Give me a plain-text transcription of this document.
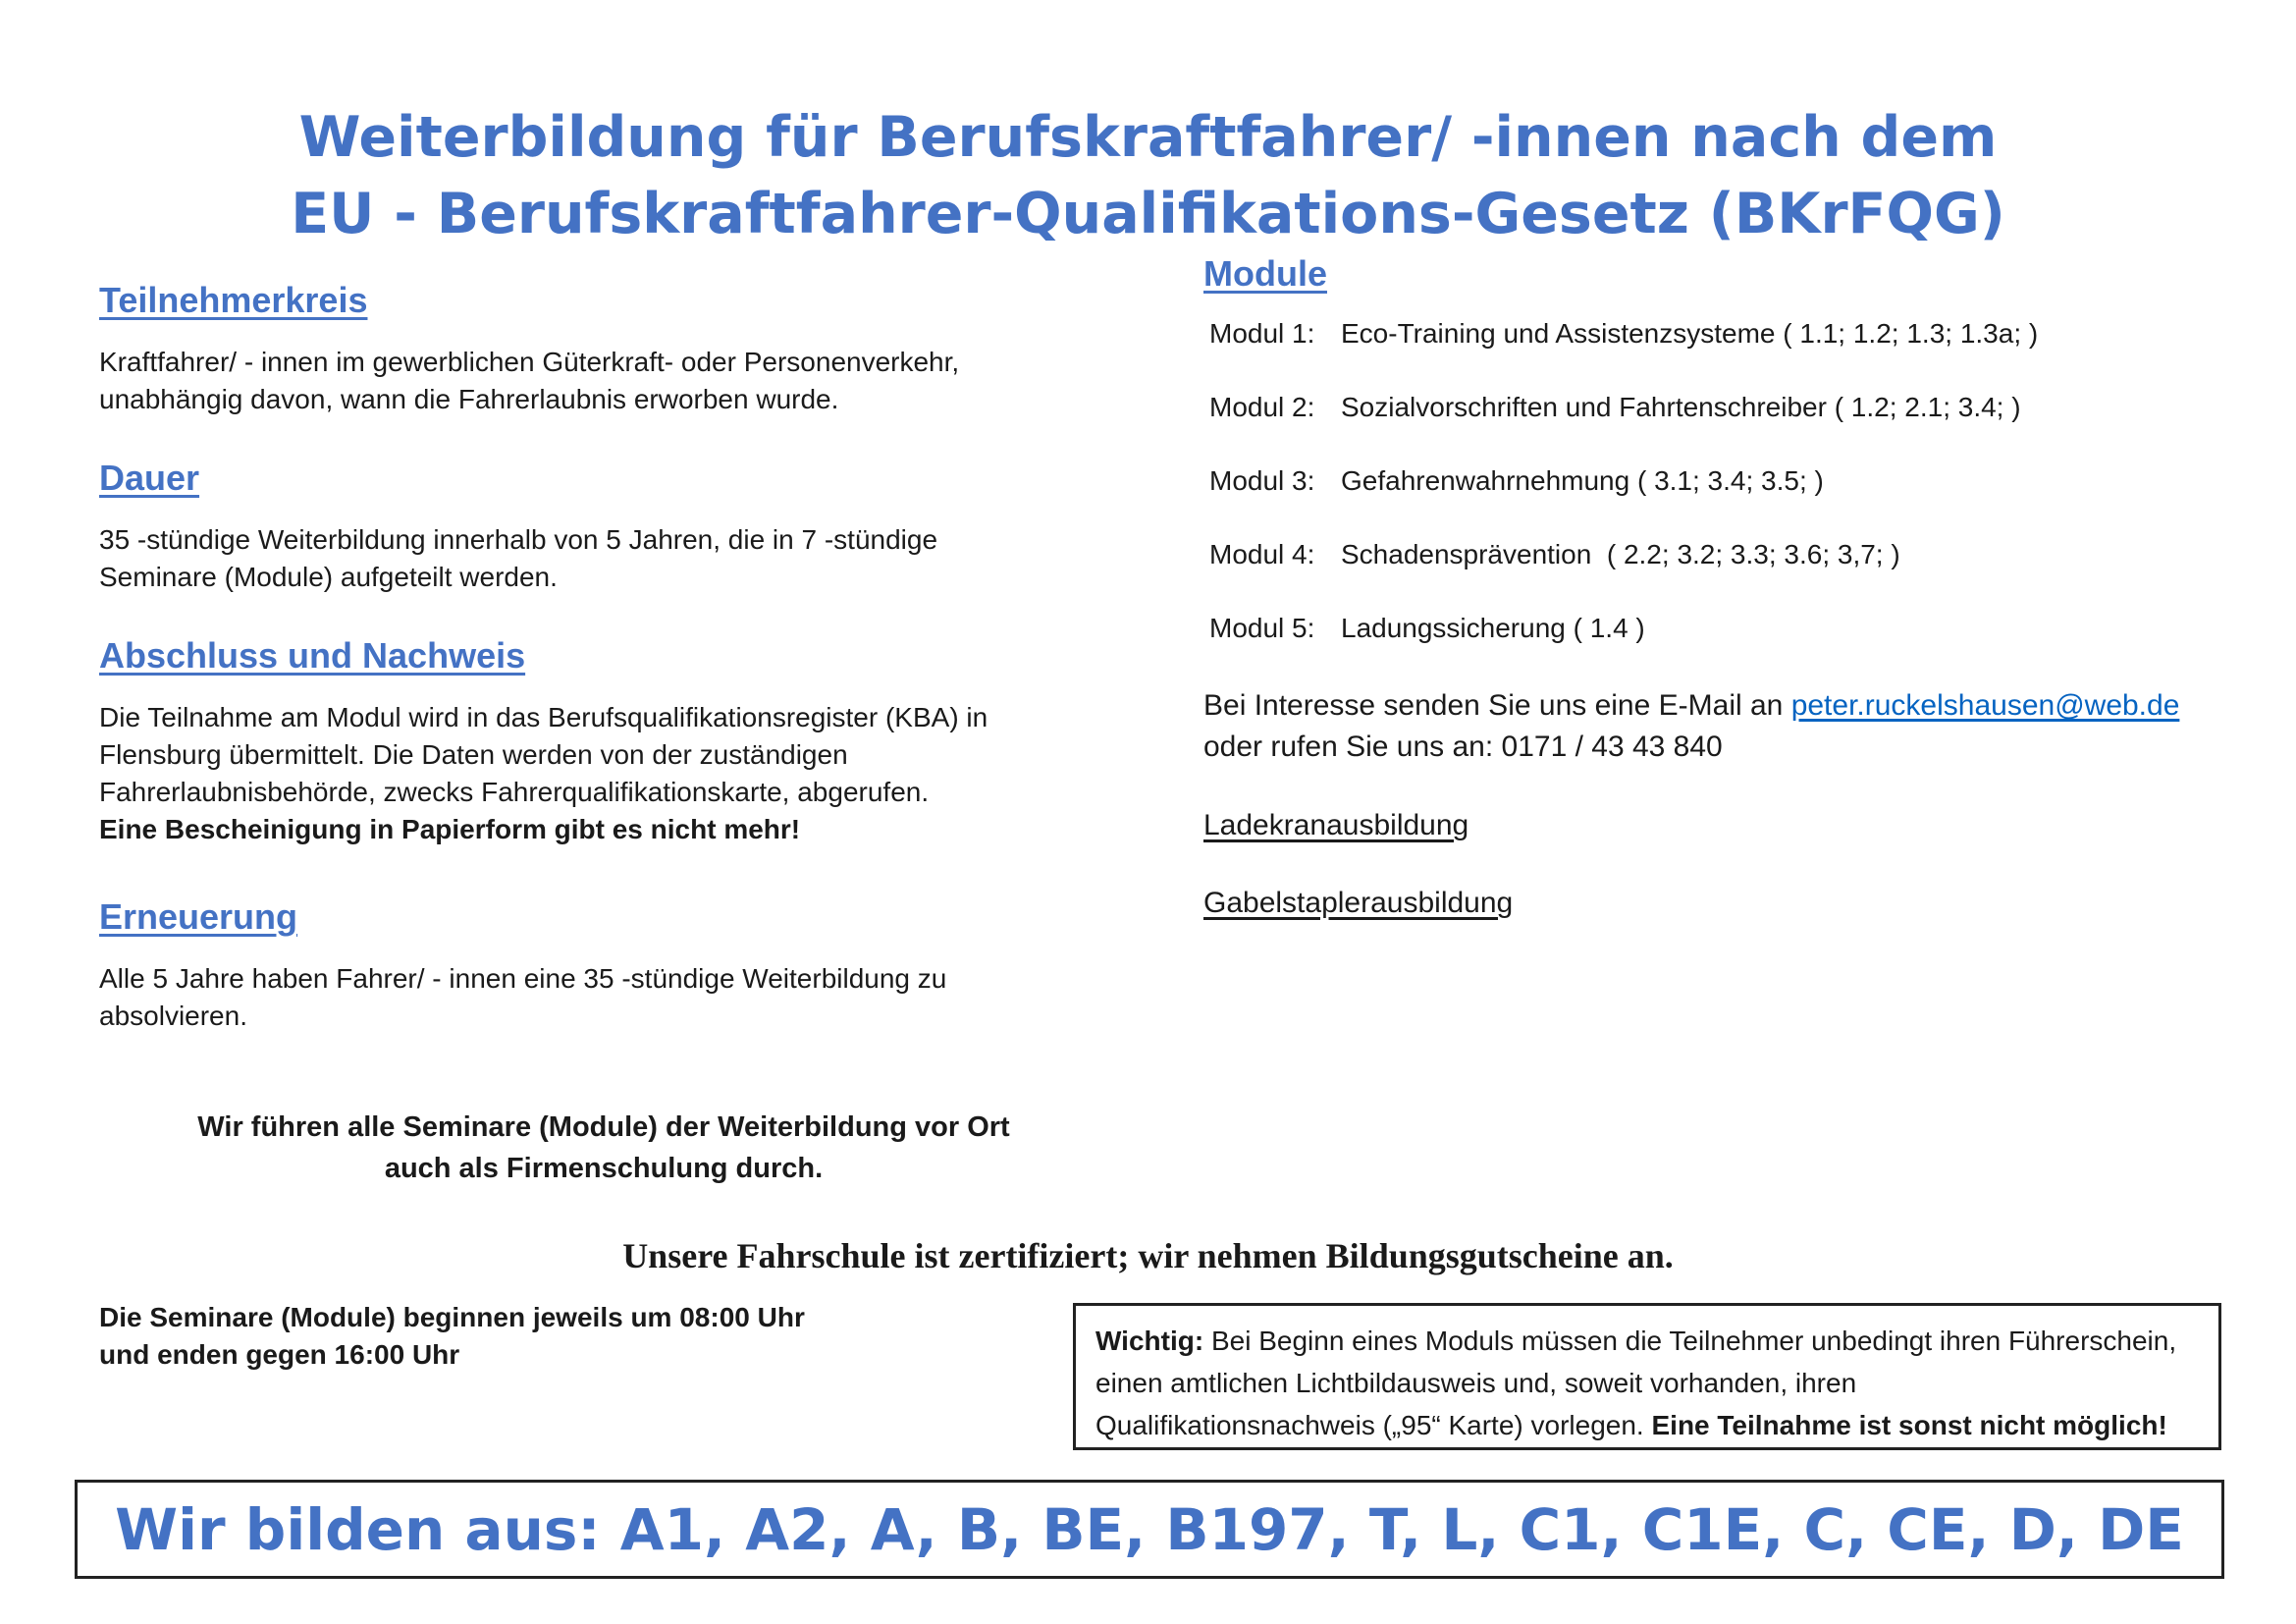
Weiterbildung für Berufskraftfahrer/ -innen nach dem
EU - Berufskraftfahrer-Qualifikations-Gesetz (BKrFQG)
Teilnehmerkreis
Kraftfahrer/ - innen im gewerblichen Güterkraft- oder Personenverkehr,
unabhängig davon, wann die Fahrerlaubnis erworben wurde.
Dauer
35 -stündige Weiterbildung innerhalb von 5 Jahren, die in 7 -stündige
Seminare (Module) aufgeteilt werden.
Abschluss und Nachweis
Die Teilnahme am Modul wird in das Berufsqualifikationsregister (KBA) in
Flensburg übermittelt. Die Daten werden von der zuständigen
Fahrerlaubnisbehörde, zwecks Fahrerqualifikationskarte, abgerufen.
Eine Bescheinigung in Papierform gibt es nicht mehr!
Erneuerung
Alle 5 Jahre haben Fahrer/ - innen eine 35 -stündige Weiterbildung zu
absolvieren.
Wir führen alle Seminare (Module) der Weiterbildung vor Ort
auch als Firmenschulung durch.
Module
Modul 1: Eco-Training und Assistenzsysteme ( 1.1; 1.2; 1.3; 1.3a; )
Modul 2: Sozialvorschriften und Fahrtenschreiber ( 1.2; 2.1; 3.4; )
Modul 3: Gefahrenwahrnehmung ( 3.1; 3.4; 3.5; )
Modul 4: Schadensprävention  ( 2.2; 3.2; 3.3; 3.6; 3,7; )
Modul 5: Ladungssicherung ( 1.4 )
Bei Interesse senden Sie uns eine E-Mail an peter.ruckelshausen@web.de
oder rufen Sie uns an: 0171 / 43 43 840
Ladekranausbildung
Gabelstaplerausbildung
Unsere Fahrschule ist zertifiziert; wir nehmen Bildungsgutscheine an.
Die Seminare (Module) beginnen jeweils um 08:00 Uhr
und enden gegen 16:00 Uhr	Wichtig: Bei Beginn eines Moduls müssen die Teilnehmer unbedingt ihren Führerschein,
einen amtlichen Lichtbildausweis und, soweit vorhanden, ihren
Qualifikationsnachweis („95“ Karte) vorlegen. Eine Teilnahme ist sonst nicht möglich!
Wir bilden aus: A1, A2, A, B, BE, B197, T, L, C1, C1E, C, CE, D, DE
